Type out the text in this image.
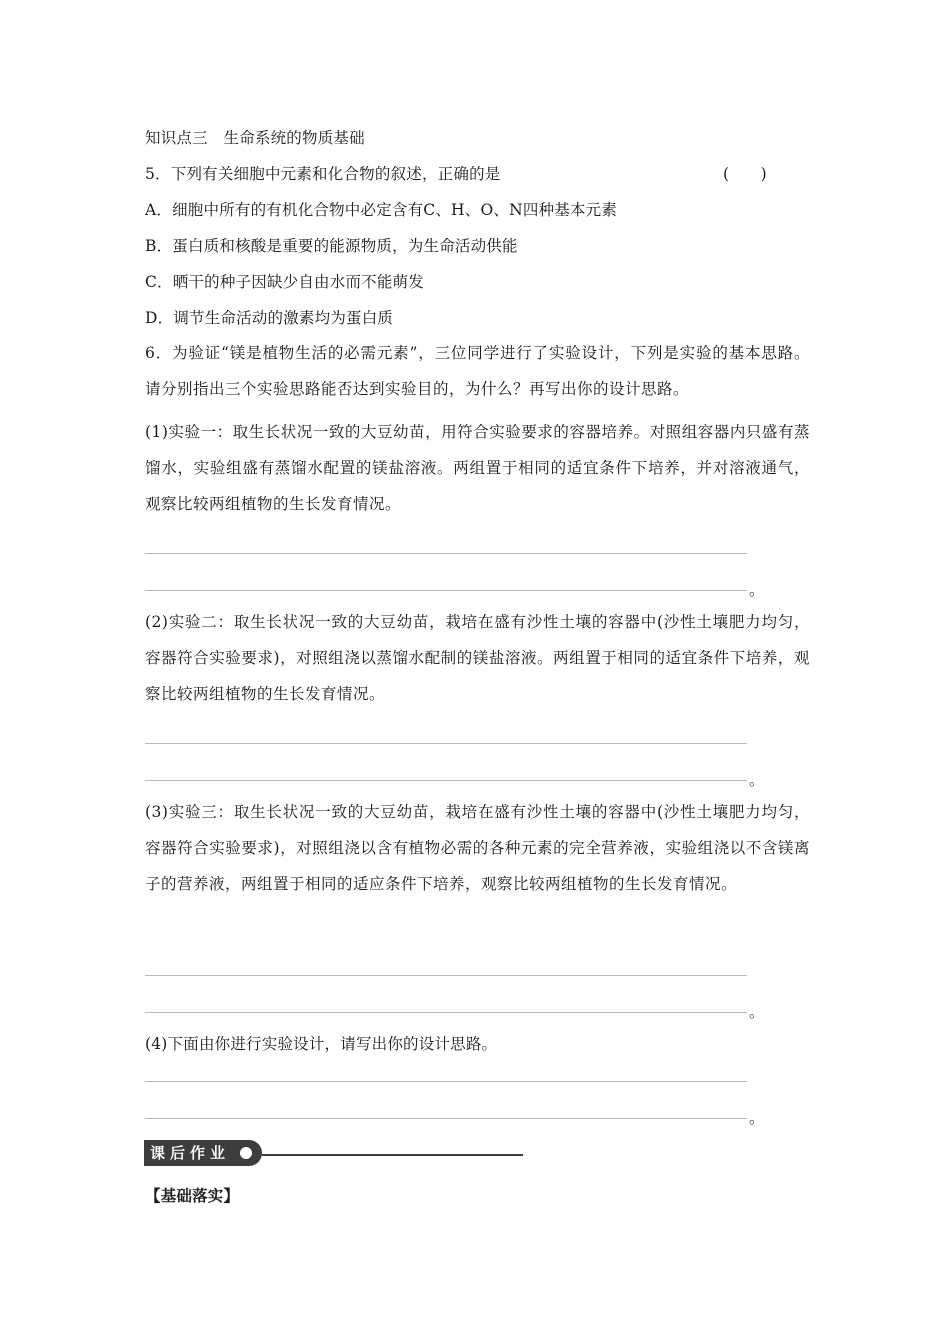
知识点三　生命系统的物质基础
5．下列有关细胞中元素和化合物的叙述，正确的是	(　　)
A．细胞中所有的有机化合物中必定含有C、H、O、N四种基本元素
B．蛋白质和核酸是重要的能源物质，为生命活动供能
C．晒干的种子因缺少自由水而不能萌发
D．调节生命活动的激素均为蛋白质
6．为验证“镁是植物生活的必需元素”，三位同学进行了实验设计，下列是实验的基本思路。请分别指出三个实验思路能否达到实验目的，为什么？再写出你的设计思路。
(1)实验一：取生长状况一致的大豆幼苗，用符合实验要求的容器培养。对照组容器内只盛有蒸馏水，实验组盛有蒸馏水配置的镁盐溶液。两组置于相同的适宜条件下培养，并对溶液通气，观察比较两组植物的生长发育情况。
。
(2)实验二：取生长状况一致的大豆幼苗，栽培在盛有沙性土壤的容器中(沙性土壤肥力均匀，容器符合实验要求)，对照组浇以蒸馏水配制的镁盐溶液。两组置于相同的适宜条件下培养，观察比较两组植物的生长发育情况。
。
(3)实验三：取生长状况一致的大豆幼苗，栽培在盛有沙性土壤的容器中(沙性土壤肥力均匀，容器符合实验要求)，对照组浇以含有植物必需的各种元素的完全营养液，实验组浇以不含镁离子的营养液，两组置于相同的适应条件下培养，观察比较两组植物的生长发育情况。
。
(4)下面由你进行实验设计，请写出你的设计思路。
。
课后作业
【基础落实】
